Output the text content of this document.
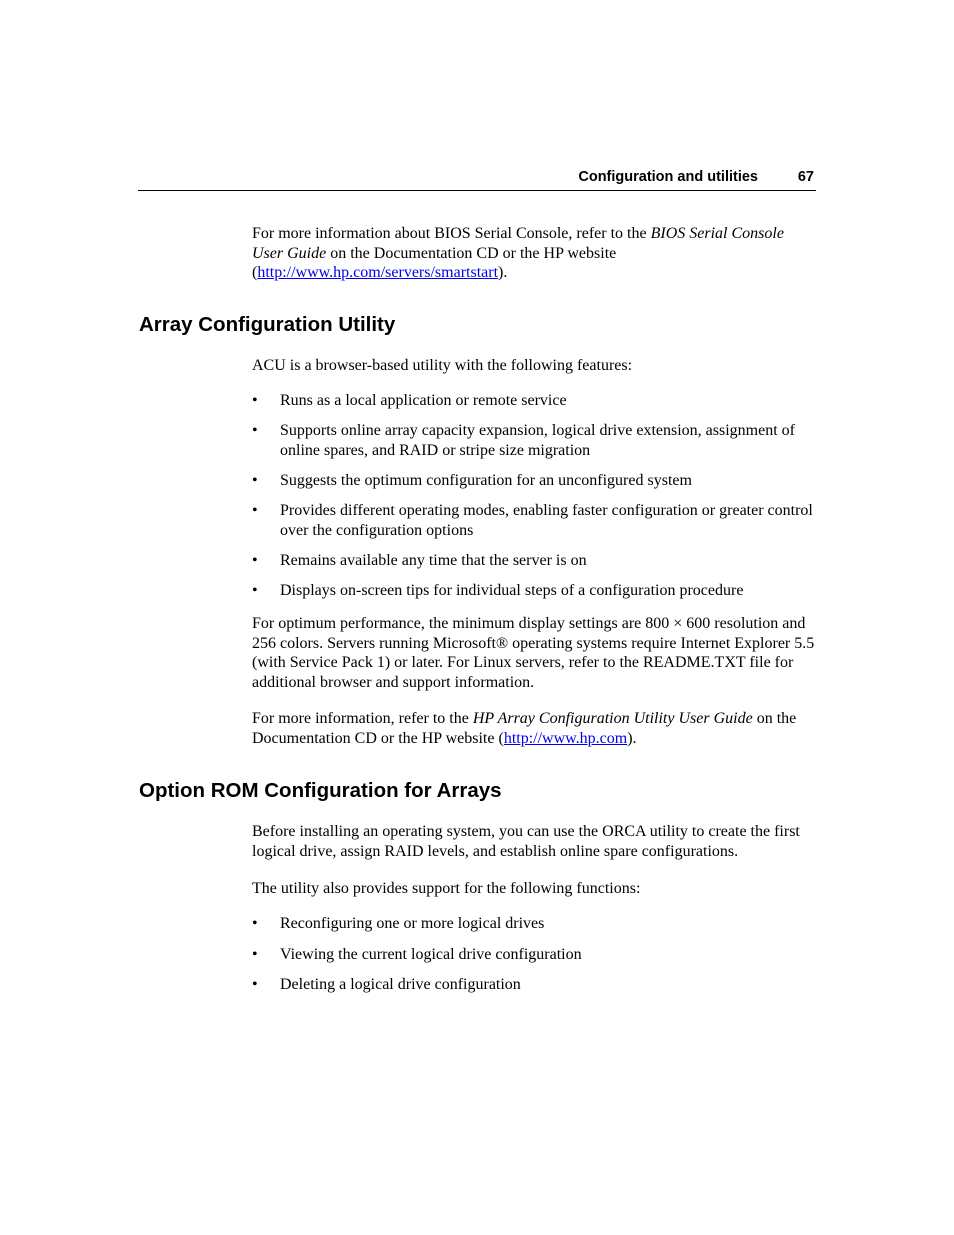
Configuration and utilities	67

For more information about BIOS Serial Console, refer to the BIOS Serial Console User Guide on the Documentation CD or the HP website (http://www.hp.com/servers/smartstart).

Array Configuration Utility

ACU is a browser-based utility with the following features:

• Runs as a local application or remote service
• Supports online array capacity expansion, logical drive extension, assignment of online spares, and RAID or stripe size migration
• Suggests the optimum configuration for an unconfigured system
• Provides different operating modes, enabling faster configuration or greater control over the configuration options
• Remains available any time that the server is on
• Displays on-screen tips for individual steps of a configuration procedure

For optimum performance, the minimum display settings are 800 × 600 resolution and 256 colors. Servers running Microsoft® operating systems require Internet Explorer 5.5 (with Service Pack 1) or later. For Linux servers, refer to the README.TXT file for additional browser and support information.

For more information, refer to the HP Array Configuration Utility User Guide on the Documentation CD or the HP website (http://www.hp.com).

Option ROM Configuration for Arrays

Before installing an operating system, you can use the ORCA utility to create the first logical drive, assign RAID levels, and establish online spare configurations.

The utility also provides support for the following functions:

• Reconfiguring one or more logical drives
• Viewing the current logical drive configuration
• Deleting a logical drive configuration
